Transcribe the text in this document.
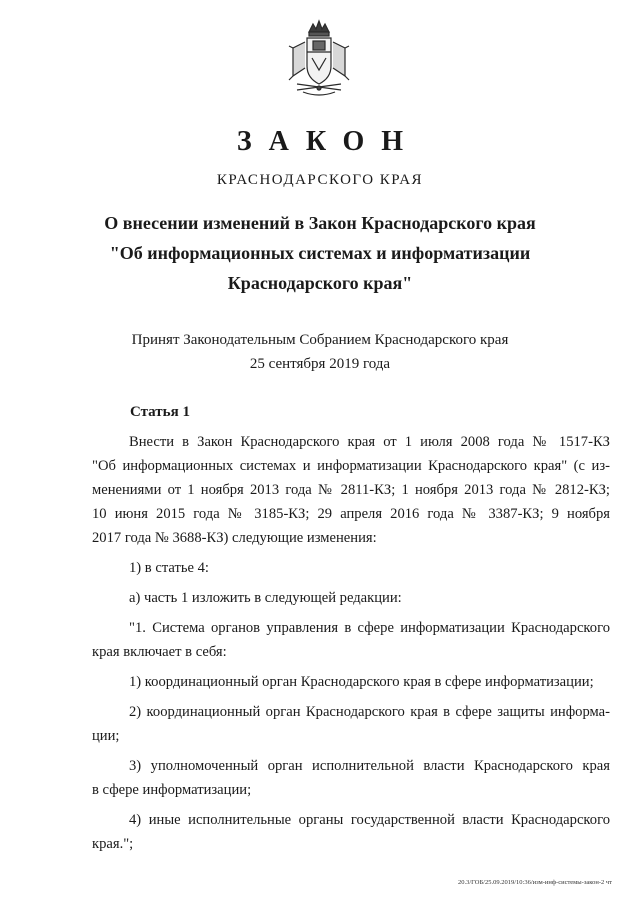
ЗАКОН
КРАСНОДАРСКОГО КРАЯ
О внесении изменений в Закон Краснодарского края
"Об информационных системах и информатизации
Краснодарского края"
Принят Законодательным Собранием Краснодарского края
25 сентября 2019 года
Статья 1
Внести в Закон Краснодарского края от 1 июля 2008 года № 1517-КЗ
"Об информационных системах и информатизации Краснодарского края" (с из-
менениями от 1 ноября 2013 года № 2811-КЗ; 1 ноября 2013 года № 2812-КЗ;
10 июня 2015 года № 3185-КЗ; 29 апреля 2016 года № 3387-КЗ; 9 ноября
2017 года № 3688-КЗ) следующие изменения:
1) в статье 4:
а) часть 1 изложить в следующей редакции:
"1. Система органов управления в сфере информатизации Краснодарского
края включает в себя:
1) координационный орган Краснодарского края в сфере информатизации;
2) координационный орган Краснодарского края в сфере защиты информа-
ции;
3) уполномоченный орган исполнительной власти Краснодарского края
в сфере информатизации;
4) иные исполнительные органы государственной власти Краснодарского
края.";
20.3/ГОБ/25.09.2019/10:36/изм-инф-системы-закон-2 чт
